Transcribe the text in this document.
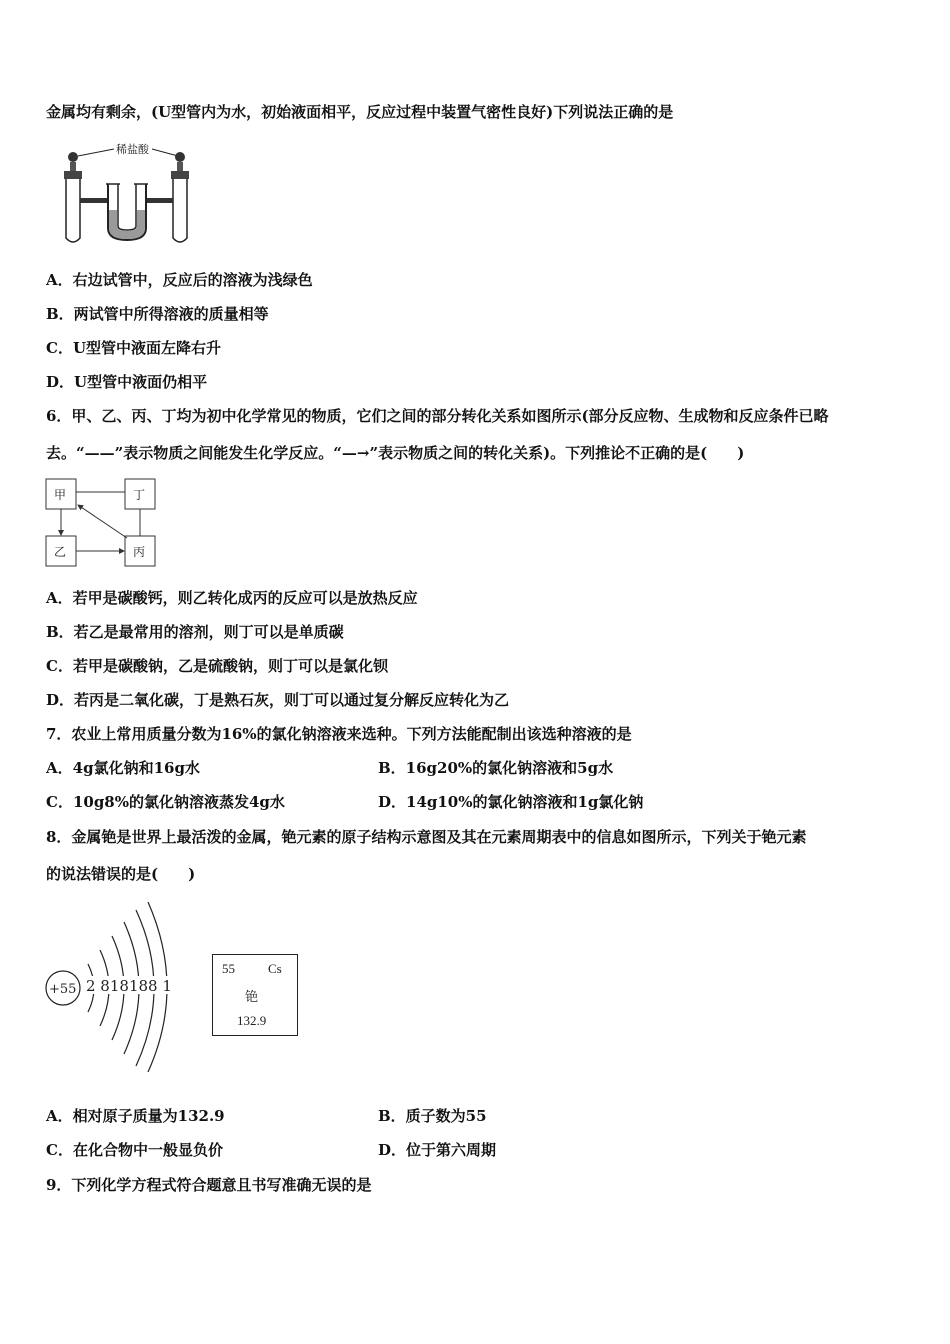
金属均有剩余，(U型管内为水，初始液面相平，反应过程中装置气密性良好)下列说法正确的是
稀盐酸
A．右边试管中，反应后的溶液为浅绿色
B．两试管中所得溶液的质量相等
C．U型管中液面左降右升
D．U型管中液面仍相平
6．甲、乙、丙、丁均为初中化学常见的物质，它们之间的部分转化关系如图所示(部分反应物、生成物和反应条件已略
去。“——”表示物质之间能发生化学反应。“—→”表示物质之间的转化关系)。下列推论不正确的是(　　)
甲	丁
乙	丙
A．若甲是碳酸钙，则乙转化成丙的反应可以是放热反应
B．若乙是最常用的溶剂，则丁可以是单质碳
C．若甲是碳酸钠，乙是硫酸钠，则丁可以是氯化钡
D．若丙是二氧化碳，丁是熟石灰，则丁可以通过复分解反应转化为乙
7．农业上常用质量分数为16%的氯化钠溶液来选种。下列方法能配制出该选种溶液的是
A．4g氯化钠和16g水	B．16g20%的氯化钠溶液和5g水
C．10g8%的氯化钠溶液蒸发4g水	D．14g10%的氯化钠溶液和1g氯化钠
8．金属铯是世界上最活泼的金属，铯元素的原子结构示意图及其在元素周期表中的信息如图所示，下列关于铯元素
的说法错误的是(　　)
+55 2 818188 1
55	Cs
铯
132.9
A．相对原子质量为132.9	B．质子数为55
C．在化合物中一般显负价	D．位于第六周期
9．下列化学方程式符合题意且书写准确无误的是
